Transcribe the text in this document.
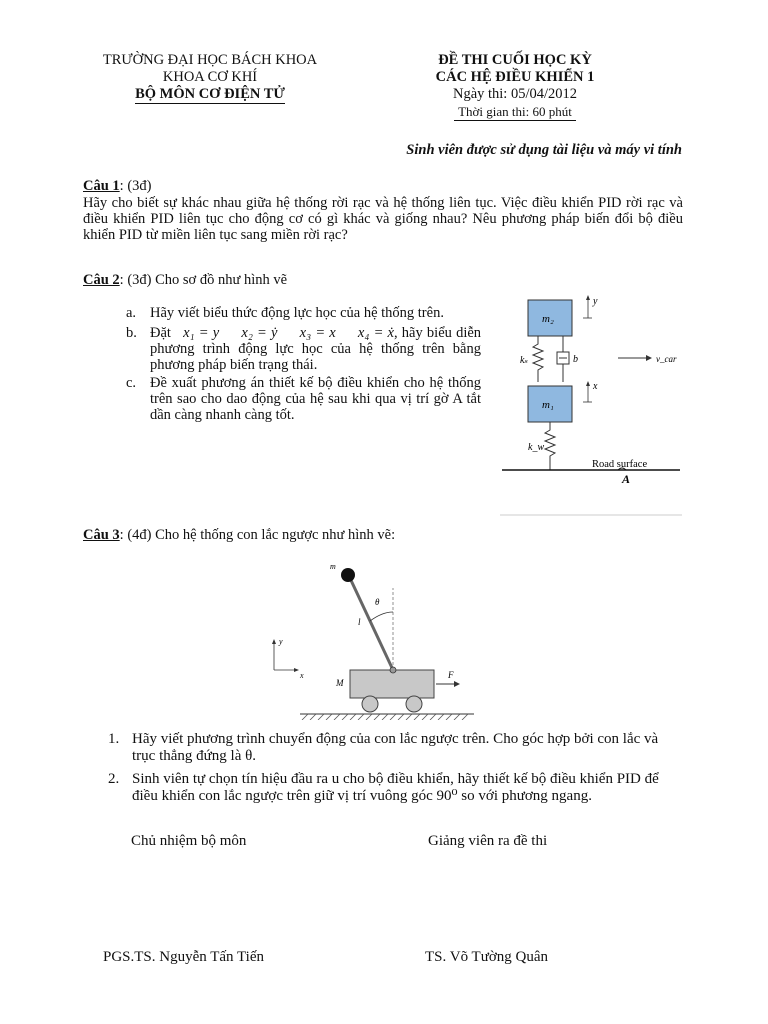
TRƯỜNG ĐẠI HỌC BÁCH KHOA
KHOA CƠ KHÍ
BỘ MÔN CƠ ĐIỆN TỬ
ĐỀ THI CUỐI HỌC KỲ
CÁC HỆ ĐIỀU KHIỂN 1
Ngày thi: 05/04/2012
Thời gian thi: 60 phút
Sinh viên được sử dụng tài liệu và máy vi tính
Câu 1: (3đ)
Hãy cho biết sự khác nhau giữa hệ thống rời rạc và hệ thống liên tục. Việc điều khiển PID rời rạc và điều khiển PID liên tục cho động cơ có gì khác và giống nhau? Nêu phương pháp biến đổi bộ điều khiển PID từ miền liên tục sang miền rời rạc?
Câu 2: (3đ) Cho sơ đồ như hình vẽ
a. Hãy viết biểu thức động lực học của hệ thống trên.
b. Đặt x₁ = y x₂ = ẏ x₃ = x x₄ = ẋ, hãy biểu diễn phương trình động lực học của hệ thống trên bằng phương pháp biến trạng thái.
c. Đề xuất phương án thiết kế bộ điều khiển cho hệ thống trên sao cho dao động của hệ sau khi qua vị trí gờ A tắt dần càng nhanh càng tốt.
m₂
y
kₛ	b	v_car
m₁
x
k_w
Road surface
A
Câu 3: (4đ) Cho hệ thống con lắc ngược như hình vẽ:
M
F
m
θ
l
y
x
1. Hãy viết phương trình chuyển động của con lắc ngược trên. Cho góc hợp bởi con lắc và trục thẳng đứng là θ.
2. Sinh viên tự chọn tín hiệu đầu ra u cho bộ điều khiển, hãy thiết kế bộ điều khiển PID để điều khiển con lắc ngược trên giữ vị trí vuông góc 90⁰ so với phương ngang.
Chủ nhiệm bộ môn	Giảng viên ra đề thi
PGS.TS. Nguyễn Tấn Tiến	TS. Võ Tường Quân
